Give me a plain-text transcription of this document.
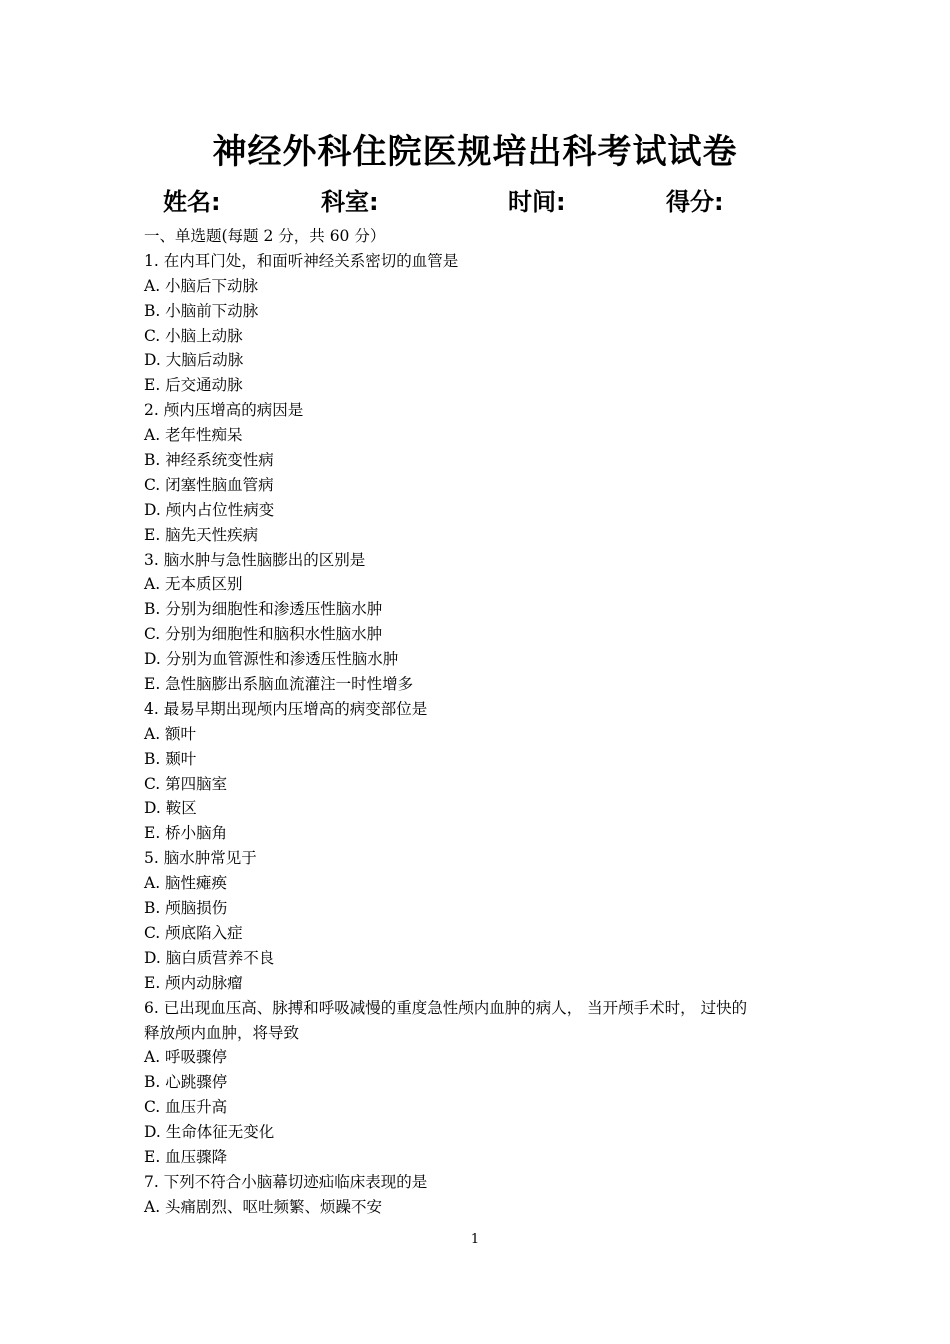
神经外科住院医规培出科考试试卷
姓名:	科室:	时间:	得分:
一、单选题(每题 2 分，共 60 分）
1. 在内耳门处，和面听神经关系密切的血管是
A. 小脑后下动脉
B. 小脑前下动脉
C. 小脑上动脉
D. 大脑后动脉
E. 后交通动脉
2. 颅内压增高的病因是
A. 老年性痴呆
B. 神经系统变性病
C. 闭塞性脑血管病
D. 颅内占位性病变
E. 脑先天性疾病
3. 脑水肿与急性脑膨出的区别是
A. 无本质区别
B. 分别为细胞性和渗透压性脑水肿
C. 分别为细胞性和脑积水性脑水肿
D. 分别为血管源性和渗透压性脑水肿
E. 急性脑膨出系脑血流灌注一时性增多
4. 最易早期出现颅内压增高的病变部位是
A. 额叶
B. 颞叶
C. 第四脑室
D. 鞍区
E. 桥小脑角
5. 脑水肿常见于
A. 脑性瘫痪
B. 颅脑损伤
C. 颅底陷入症
D. 脑白质营养不良
E. 颅内动脉瘤
6. 已出现血压高、脉搏和呼吸减慢的重度急性颅内血肿的病人， 当开颅手术时， 过快的
释放颅内血肿，将导致
A. 呼吸骤停
B. 心跳骤停
C. 血压升高
D. 生命体征无变化
E. 血压骤降
7. 下列不符合小脑幕切迹疝临床表现的是
A. 头痛剧烈、呕吐频繁、烦躁不安
1
